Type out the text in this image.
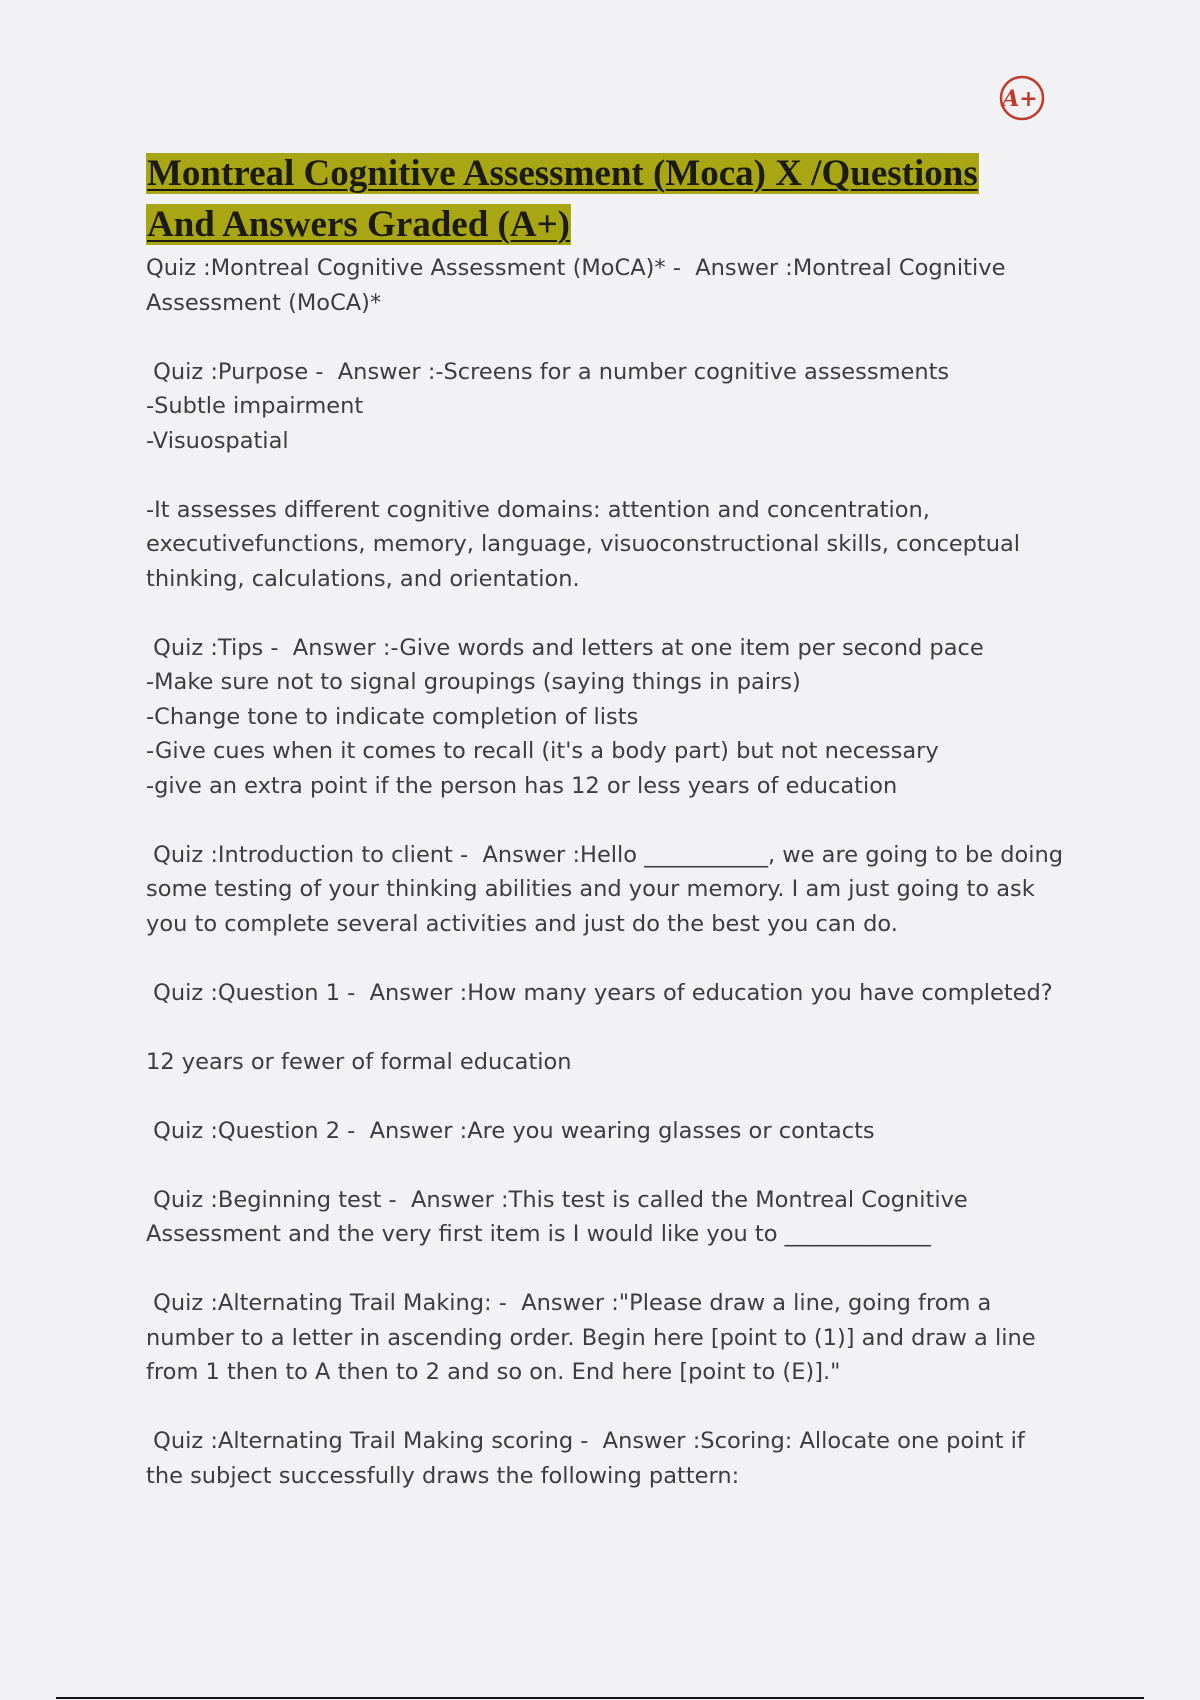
A+
Montreal Cognitive Assessment (Moca) X /Questions
And Answers Graded (A+)

Quiz :Montreal Cognitive Assessment (MoCA)* -  Answer :Montreal Cognitive Assessment (MoCA)*

Quiz :Purpose -  Answer :-Screens for a number cognitive assessments
-Subtle impairment
-Visuospatial

-It assesses different cognitive domains: attention and concentration, executivefunctions, memory, language, visuoconstructional skills, conceptual thinking, calculations, and orientation.

Quiz :Tips -  Answer :-Give words and letters at one item per second pace
-Make sure not to signal groupings (saying things in pairs)
-Change tone to indicate completion of lists
-Give cues when it comes to recall (it's a body part) but not necessary
-give an extra point if the person has 12 or less years of education

Quiz :Introduction to client -  Answer :Hello ___________, we are going to be doing some testing of your thinking abilities and your memory. I am just going to ask you to complete several activities and just do the best you can do.

Quiz :Question 1 -  Answer :How many years of education you have completed?

12 years or fewer of formal education

Quiz :Question 2 -  Answer :Are you wearing glasses or contacts

Quiz :Beginning test -  Answer :This test is called the Montreal Cognitive Assessment and the very first item is I would like you to _____________

Quiz :Alternating Trail Making: -  Answer :"Please draw a line, going from a number to a letter in ascending order. Begin here [point to (1)] and draw a line from 1 then to A then to 2 and so on. End here [point to (E)]."

Quiz :Alternating Trail Making scoring -  Answer :Scoring: Allocate one point if the subject successfully draws the following pattern:
